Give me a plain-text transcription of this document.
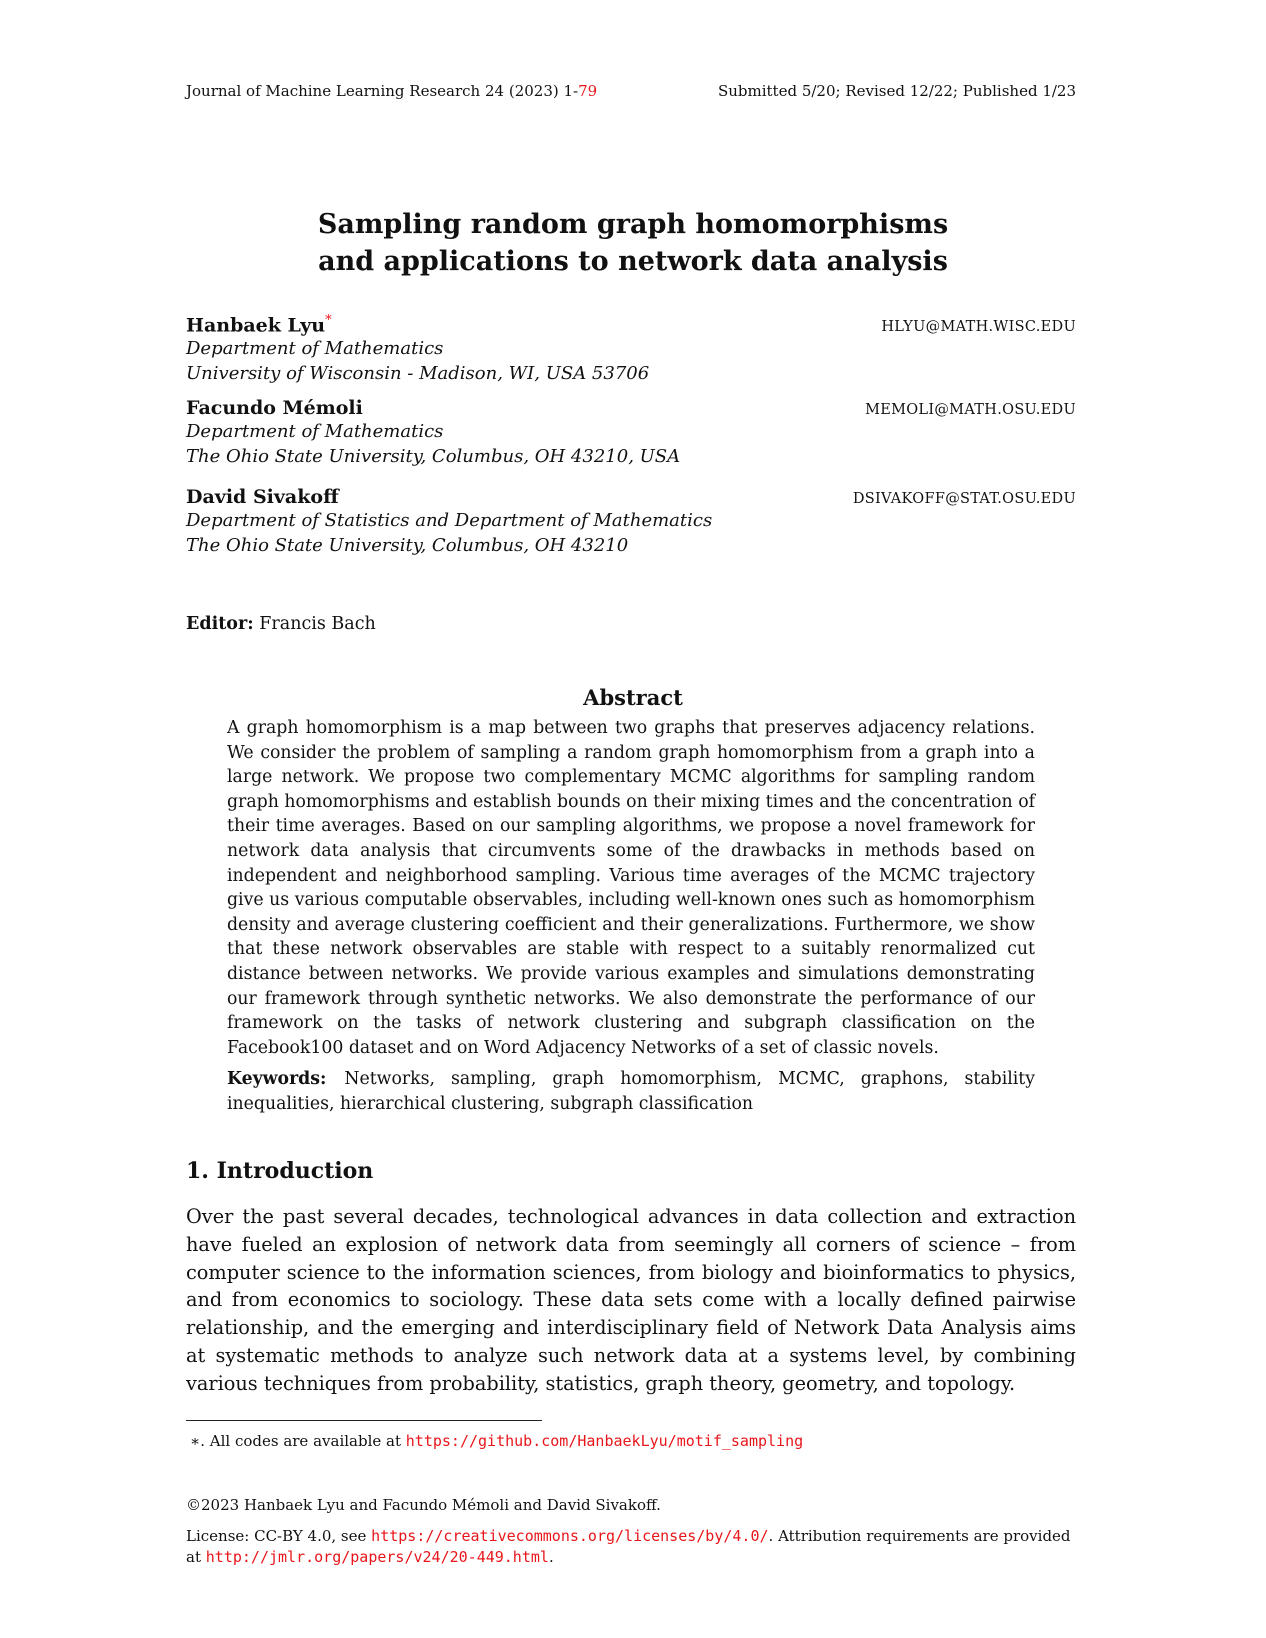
Journal of Machine Learning Research 24 (2023) 1-79	Submitted 5/20; Revised 12/22; Published 1/23
Sampling random graph homomorphisms
and applications to network data analysis
Hanbaek Lyu*	HLYU@MATH.WISC.EDU
Department of Mathematics
University of Wisconsin - Madison, WI, USA 53706
Facundo Mémoli	MEMOLI@MATH.OSU.EDU
Department of Mathematics
The Ohio State University, Columbus, OH 43210, USA
David Sivakoff	DSIVAKOFF@STAT.OSU.EDU
Department of Statistics and Department of Mathematics
The Ohio State University, Columbus, OH 43210
Editor: Francis Bach
Abstract
A graph homomorphism is a map between two graphs that preserves adjacency relations. We consider the problem of sampling a random graph homomorphism from a graph into a large network. We propose two complementary MCMC algorithms for sampling random graph homomorphisms and establish bounds on their mixing times and the concentration of their time averages. Based on our sampling algorithms, we propose a novel framework for network data analysis that circumvents some of the drawbacks in methods based on independent and neighborhood sampling. Various time averages of the MCMC trajectory give us various computable observables, including well-known ones such as homomorphism density and average clustering coefficient and their generalizations. Furthermore, we show that these network observables are stable with respect to a suitably renormalized cut distance between networks. We provide various examples and simulations demonstrating our framework through synthetic networks. We also demonstrate the performance of our framework on the tasks of network clustering and subgraph classification on the Facebook100 dataset and on Word Adjacency Networks of a set of classic novels.
Keywords: Networks, sampling, graph homomorphism, MCMC, graphons, stability inequalities, hierarchical clustering, subgraph classification
1. Introduction
Over the past several decades, technological advances in data collection and extraction have fueled an explosion of network data from seemingly all corners of science – from computer science to the information sciences, from biology and bioinformatics to physics, and from economics to sociology. These data sets come with a locally defined pairwise relationship, and the emerging and interdisciplinary field of Network Data Analysis aims at systematic methods to analyze such network data at a systems level, by combining various techniques from probability, statistics, graph theory, geometry, and topology.
∗. All codes are available at https://github.com/HanbaekLyu/motif_sampling
©2023 Hanbaek Lyu and Facundo Mémoli and David Sivakoff.
License: CC-BY 4.0, see https://creativecommons.org/licenses/by/4.0/. Attribution requirements are provided at http://jmlr.org/papers/v24/20-449.html.
